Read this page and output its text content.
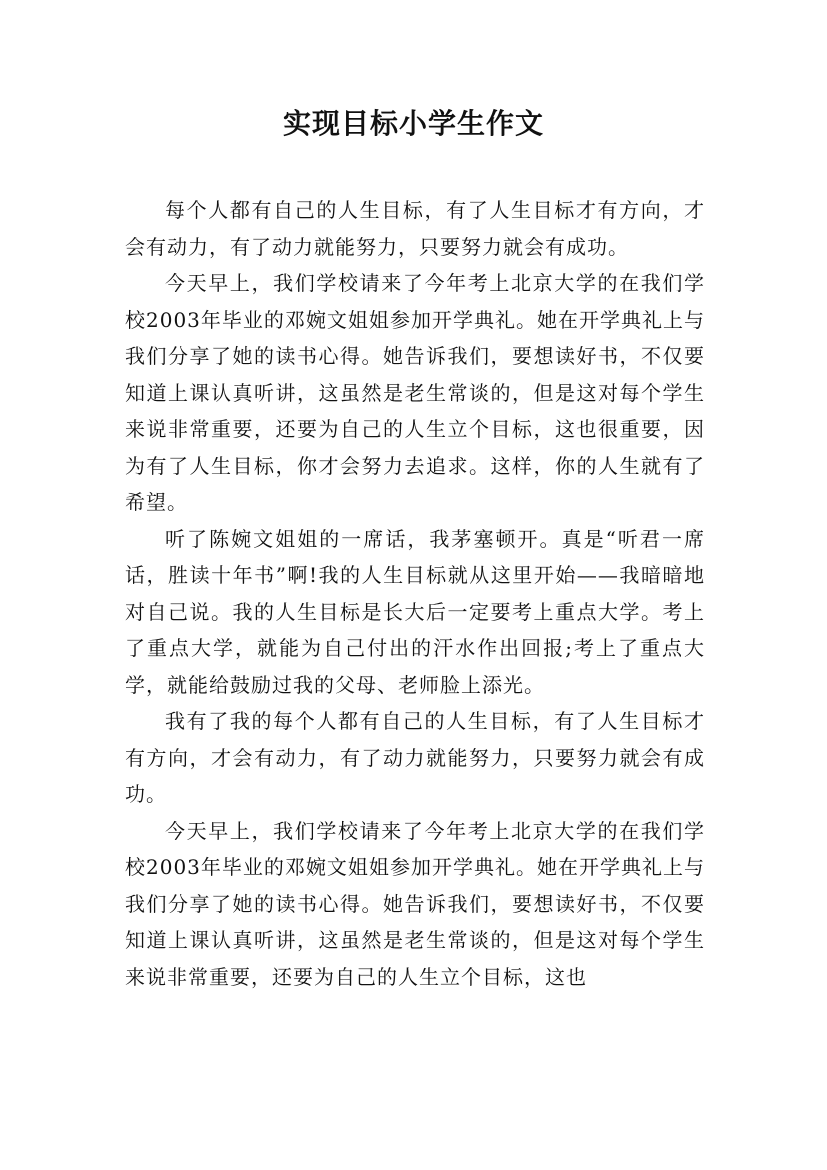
实现目标小学生作文

每个人都有自己的人生目标，有了人生目标才有方向，才会有动力，有了动力就能努力，只要努力就会有成功。

今天早上，我们学校请来了今年考上北京大学的在我们学校2003年毕业的邓婉文姐姐参加开学典礼。她在开学典礼上与我们分享了她的读书心得。她告诉我们，要想读好书，不仅要知道上课认真听讲，这虽然是老生常谈的，但是这对每个学生来说非常重要，还要为自己的人生立个目标，这也很重要，因为有了人生目标，你才会努力去追求。这样，你的人生就有了希望。

听了陈婉文姐姐的一席话，我茅塞顿开。真是“听君一席话，胜读十年书”啊!我的人生目标就从这里开始——我暗暗地对自己说。我的人生目标是长大后一定要考上重点大学。考上了重点大学，就能为自己付出的汗水作出回报;考上了重点大学，就能给鼓励过我的父母、老师脸上添光。

我有了我的每个人都有自己的人生目标，有了人生目标才有方向，才会有动力，有了动力就能努力，只要努力就会有成功。

今天早上，我们学校请来了今年考上北京大学的在我们学校2003年毕业的邓婉文姐姐参加开学典礼。她在开学典礼上与我们分享了她的读书心得。她告诉我们，要想读好书，不仅要知道上课认真听讲，这虽然是老生常谈的，但是这对每个学生来说非常重要，还要为自己的人生立个目标，这也
